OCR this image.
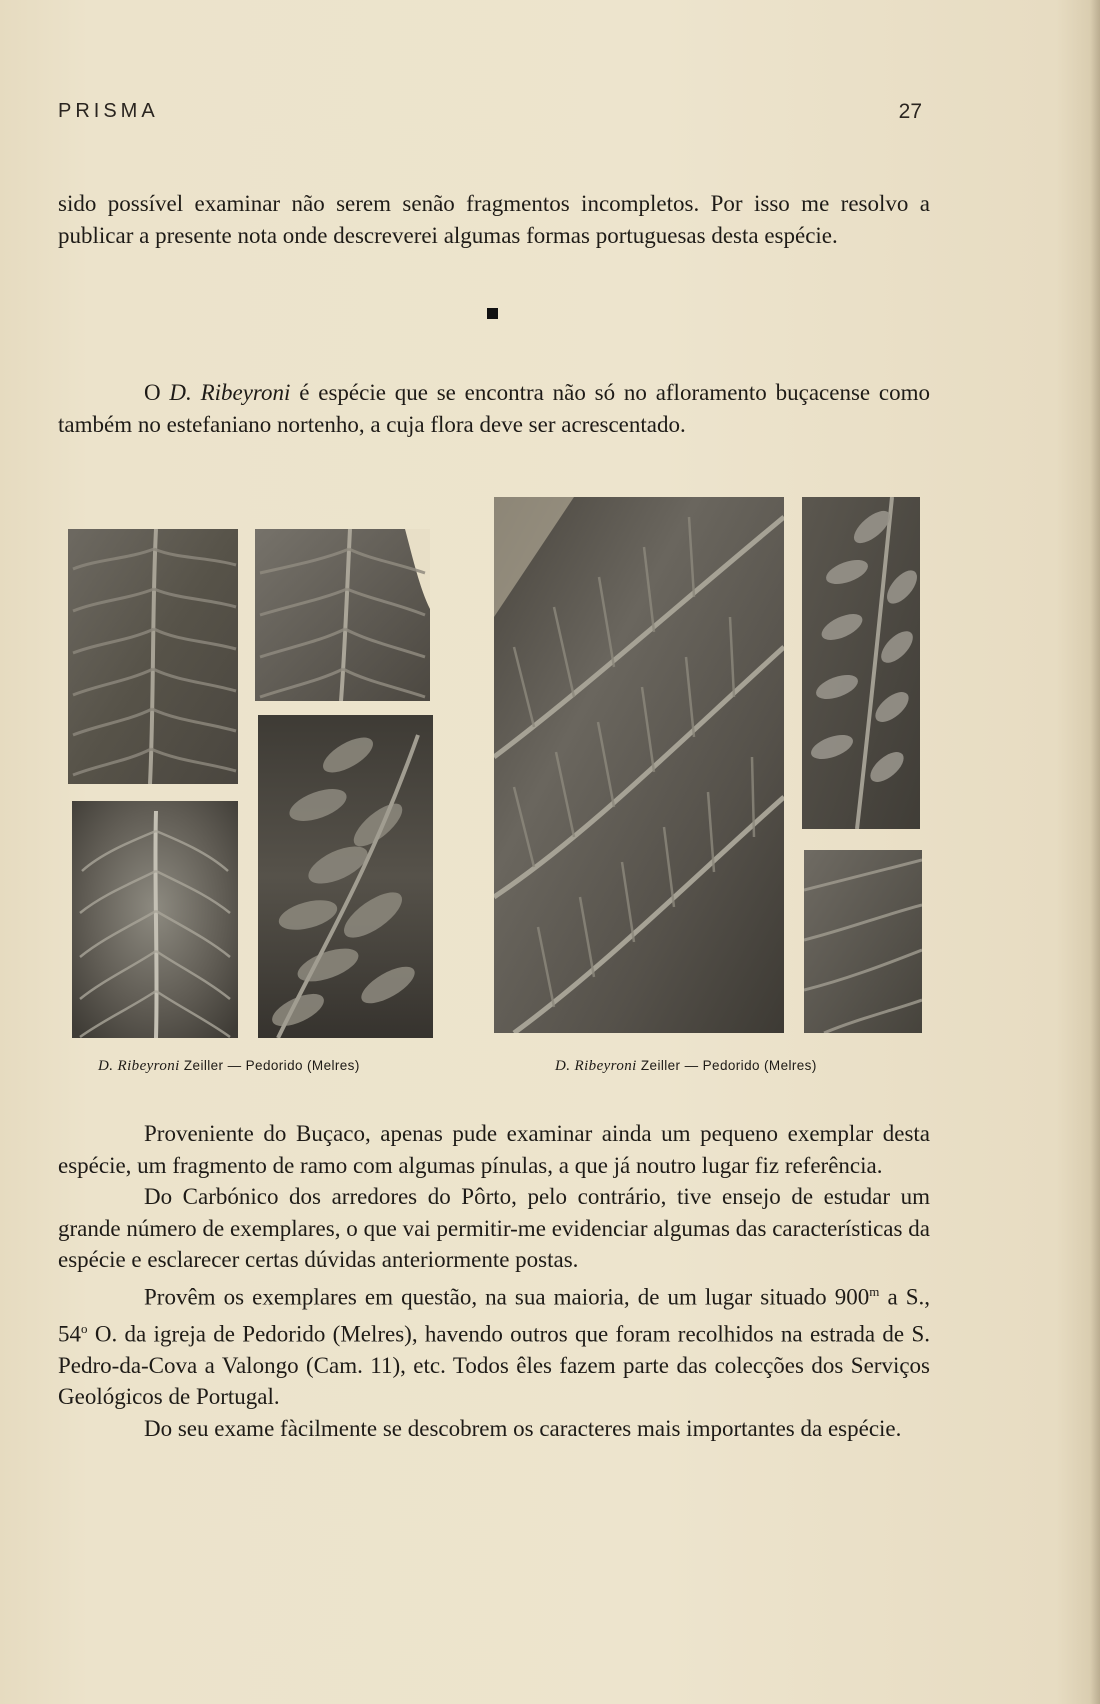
PRISMA	27

sido possível examinar não serem senão fragmentos incompletos. Por isso me resolvo a publicar a presente nota onde descreverei algumas formas portuguesas desta espécie.

O D. Ribeyroni é espécie que se encontra não só no afloramento buçacense como também no estefaniano nortenho, a cuja flora deve ser acrescentado.

D. Ribeyroni Zeiller — Pedorido (Melres)	D. Ribeyroni Zeiller — Pedorido (Melres)

Proveniente do Buçaco, apenas pude examinar ainda um pequeno exemplar desta espécie, um fragmento de ramo com algumas pínulas, a que já noutro lugar fiz referência.

Do Carbónico dos arredores do Pôrto, pelo contrário, tive ensejo de estudar um grande número de exemplares, o que vai permitir-me evidenciar algumas das características da espécie e esclarecer certas dúvidas anteriormente postas.

Provêm os exemplares em questão, na sua maioria, de um lugar situado 900$^m$ a S., 54$^o$ O. da igreja de Pedorido (Melres), havendo outros que foram recolhidos na estrada de S. Pedro-da-Cova a Valongo (Cam. 11), etc. Todos êles fazem parte das colecções dos Serviços Geológicos de Portugal.

Do seu exame fàcilmente se descobrem os caracteres mais importantes da espécie.
